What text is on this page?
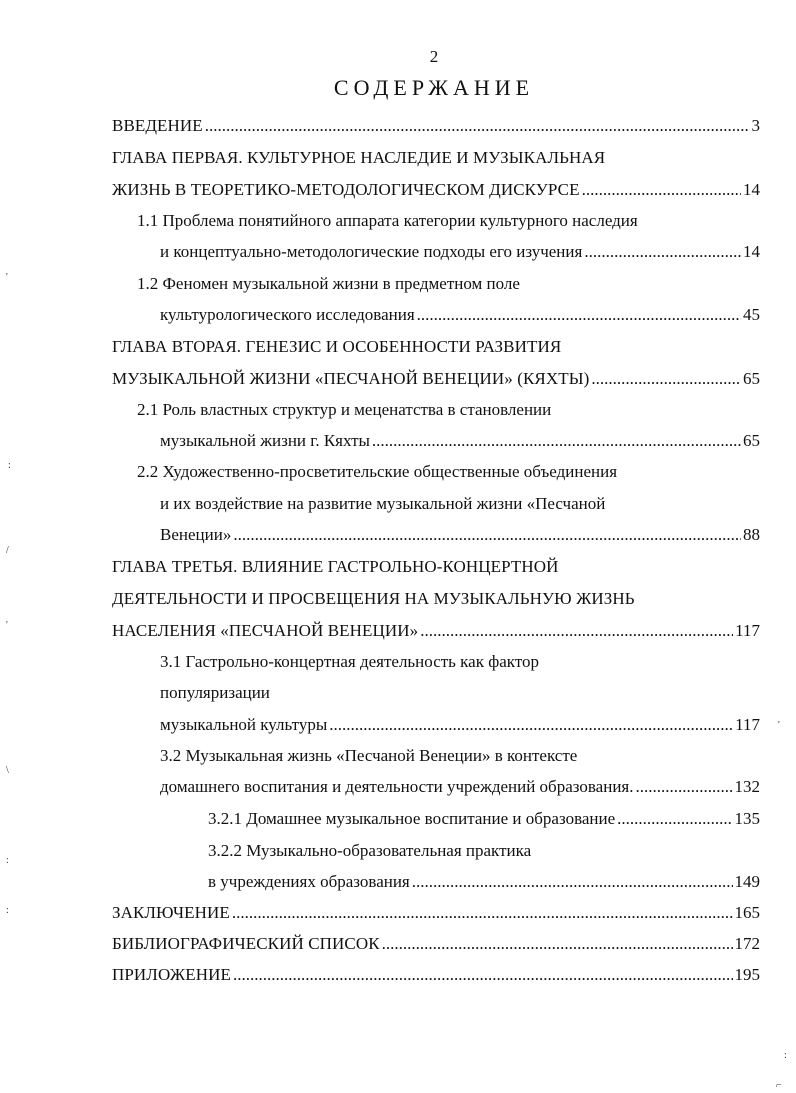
2
СОДЕРЖАНИЕ
ВВЕДЕНИЕ .....	3
ГЛАВА ПЕРВАЯ. КУЛЬТУРНОЕ НАСЛЕДИЕ И МУЗЫКАЛЬНАЯ
ЖИЗНЬ В ТЕОРЕТИКО-МЕТОДОЛОГИЧЕСКОМ ДИСКУРСЕ .....	14
1.1 Проблема понятийного аппарата категории культурного наследия
и концептуально-методологические подходы его изучения .....	14
1.2 Феномен музыкальной жизни в предметном поле
культурологического исследования .....	45
ГЛАВА ВТОРАЯ. ГЕНЕЗИС И ОСОБЕННОСТИ РАЗВИТИЯ
МУЗЫКАЛЬНОЙ ЖИЗНИ «ПЕСЧАНОЙ ВЕНЕЦИИ» (КЯХТЫ) .....	65
2.1 Роль властных структур и меценатства в становлении
музыкальной жизни г. Кяхты .....	65
2.2 Художественно-просветительские общественные объединения
и их воздействие на развитие музыкальной жизни «Песчаной
Венеции» .....	88
ГЛАВА ТРЕТЬЯ. ВЛИЯНИЕ ГАСТРОЛЬНО-КОНЦЕРТНОЙ
ДЕЯТЕЛЬНОСТИ И ПРОСВЕЩЕНИЯ НА МУЗЫКАЛЬНУЮ ЖИЗНЬ
НАСЕЛЕНИЯ «ПЕСЧАНОЙ ВЕНЕЦИИ» .....	117
3.1 Гастрольно-концертная деятельность как фактор
популяризации
музыкальной культуры .....	117
3.2 Музыкальная жизнь «Песчаной Венеции» в контексте
домашнего воспитания и деятельности учреждений образования. .....	132
3.2.1 Домашнее музыкальное воспитание и образование .....	135
3.2.2 Музыкально-образовательная практика
в учреждениях образования .....	149
ЗАКЛЮЧЕНИЕ .....	165
БИБЛИОГРАФИЧЕСКИЙ СПИСОК .....	172
ПРИЛОЖЕНИЕ .....	195
'
:
/
'
\
:
:
'
:
⌐
